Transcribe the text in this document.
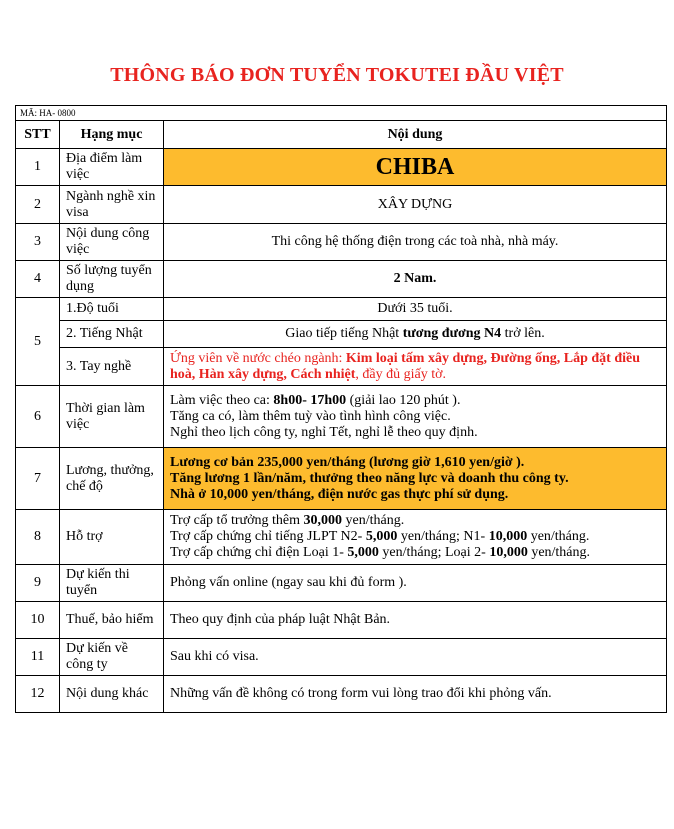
THÔNG BÁO ĐƠN TUYỂN TOKUTEI ĐẦU VIỆT
MÃ: HA- 0800		
STT	Hạng mục	Nội dung
1	Địa điểm làm việc	CHIBA
2	Ngành nghề xin visa	XÂY DỰNG
3	Nội dung công việc	Thi công hệ thống điện trong các toà nhà, nhà máy.
4	Số lượng tuyển dụng	2 Nam.
5	1.Độ tuổi	Dưới 35 tuổi.
	2. Tiếng Nhật	Giao tiếp tiếng Nhật tương đương N4 trở lên.
	3. Tay nghề	Ứng viên về nước chéo ngành: Kim loại tấm xây dựng, Đường ống, Lắp đặt điều hoà, Hàn xây dựng, Cách nhiệt, đầy đủ giấy tờ.
6	Thời gian làm việc	Làm việc theo ca: 8h00- 17h00 (giải lao 120 phút ).
Tăng ca có, làm thêm tuỳ vào tình hình công việc.
Nghỉ theo lịch công ty, nghỉ Tết, nghỉ lễ theo quy định.

7	Lương, thưởng, chế độ	Lương cơ bản 235,000 yen/tháng (lương giờ 1,610 yen/giờ ).
Tăng lương 1 lần/năm, thưởng theo năng lực và doanh thu công ty.
Nhà ở 10,000 yen/tháng, điện nước gas thực phí sử dụng.

8	Hỗ trợ	Trợ cấp tổ trưởng thêm 30,000 yen/tháng.
Trợ cấp chứng chỉ tiếng JLPT N2- 5,000 yen/tháng; N1- 10,000 yen/tháng.
Trợ cấp chứng chỉ điện Loại 1- 5,000 yen/tháng; Loại 2- 10,000 yen/tháng.

9	Dự kiến thi tuyển	Phỏng vấn online (ngay sau khi đủ form ).
10	Thuế, bảo hiểm	Theo quy định của pháp luật Nhật Bản.
11	Dự kiến về công ty	Sau khi có visa.
12	Nội dung khác	Những vấn đề không có trong form vui lòng trao đổi khi phỏng vấn.
